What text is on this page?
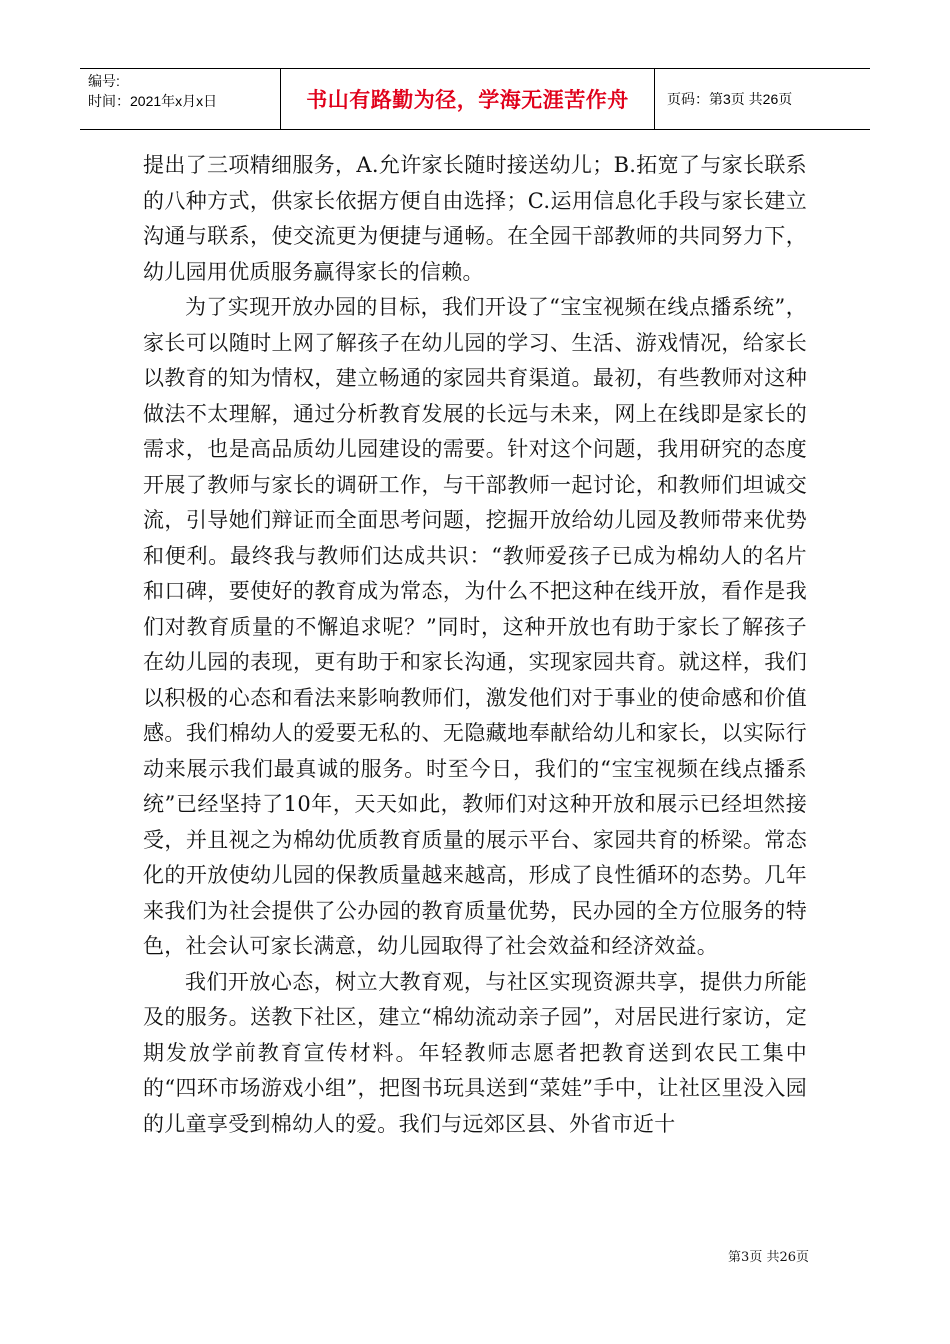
编号:
时间：2021年x月x日	书山有路勤为径，学海无涯苦作舟	页码：第3页 共26页

提出了三项精细服务，A.允许家长随时接送幼儿；B.拓宽了与家长联系的八种方式，供家长依据方便自由选择；C.运用信息化手段与家长建立沟通与联系，使交流更为便捷与通畅。在全园干部教师的共同努力下，幼儿园用优质服务赢得家长的信赖。

为了实现开放办园的目标，我们开设了“宝宝视频在线点播系统”，家长可以随时上网了解孩子在幼儿园的学习、生活、游戏情况，给家长以教育的知为情权，建立畅通的家园共育渠道。最初，有些教师对这种做法不太理解，通过分析教育发展的长远与未来，网上在线即是家长的需求，也是高品质幼儿园建设的需要。针对这个问题，我用研究的态度开展了教师与家长的调研工作，与干部教师一起讨论，和教师们坦诚交流，引导她们辩证而全面思考问题，挖掘开放给幼儿园及教师带来优势和便利。最终我与教师们达成共识：“教师爱孩子已成为棉幼人的名片和口碑，要使好的教育成为常态，为什么不把这种在线开放，看作是我们对教育质量的不懈追求呢？”同时，这种开放也有助于家长了解孩子在幼儿园的表现，更有助于和家长沟通，实现家园共育。就这样，我们以积极的心态和看法来影响教师们，激发他们对于事业的使命感和价值感。我们棉幼人的爱要无私的、无隐藏地奉献给幼儿和家长，以实际行动来展示我们最真诚的服务。时至今日，我们的“宝宝视频在线点播系统”已经坚持了10年，天天如此，教师们对这种开放和展示已经坦然接受，并且视之为棉幼优质教育质量的展示平台、家园共育的桥梁。常态化的开放使幼儿园的保教质量越来越高，形成了良性循环的态势。几年来我们为社会提供了公办园的教育质量优势，民办园的全方位服务的特色，社会认可家长满意，幼儿园取得了社会效益和经济效益。

我们开放心态，树立大教育观，与社区实现资源共享，提供力所能及的服务。送教下社区，建立“棉幼流动亲子园”，对居民进行家访，定期发放学前教育宣传材料。年轻教师志愿者把教育送到农民工集中的“四环市场游戏小组”，把图书玩具送到“菜娃”手中，让社区里没入园的儿童享受到棉幼人的爱。我们与远郊区县、外省市近十

第3页 共26页
